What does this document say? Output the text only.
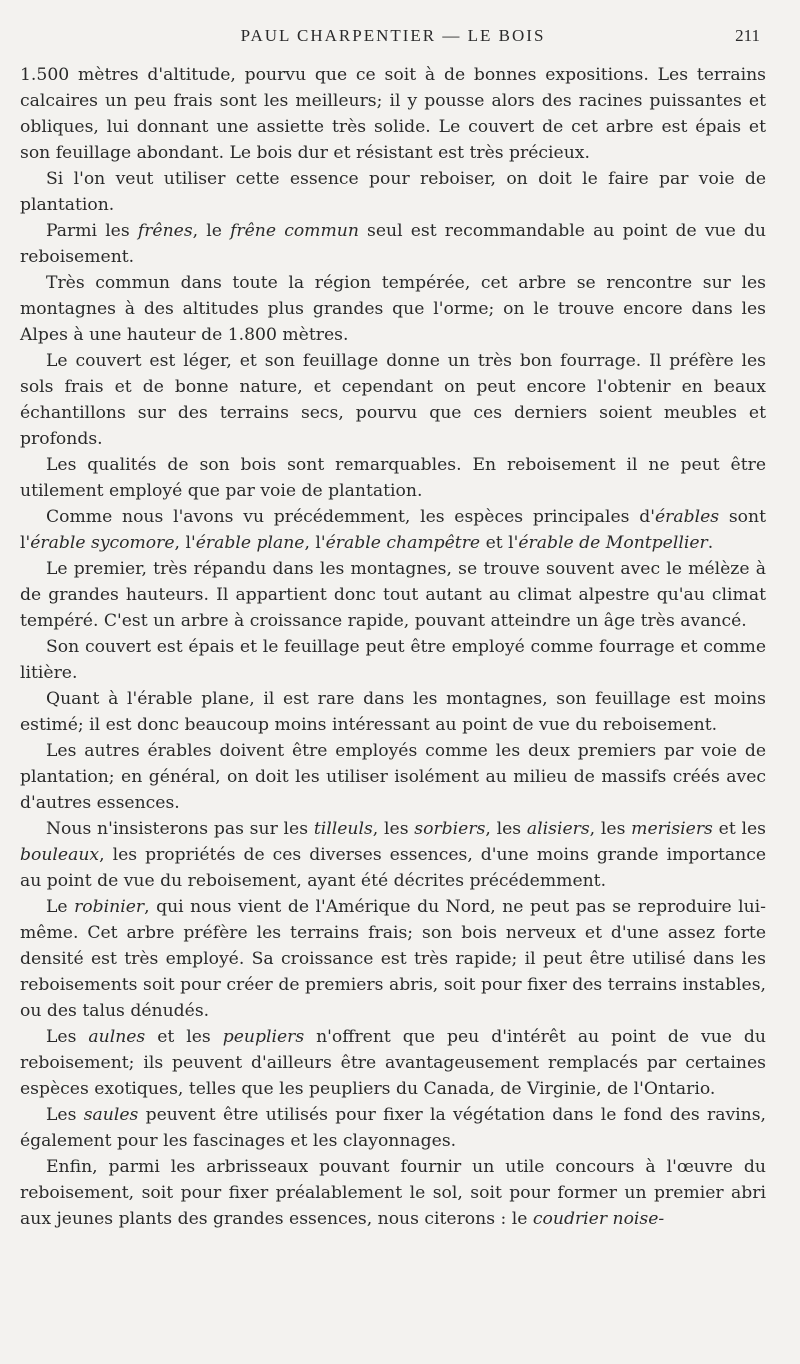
PAUL CHARPENTIER — LE BOIS	211

1.500 mètres d'altitude, pourvu que ce soit à de bonnes expositions. Les terrains calcaires un peu frais sont les meilleurs; il y pousse alors des racines puissantes et obliques, lui donnant une assiette très solide. Le couvert de cet arbre est épais et son feuillage abondant. Le bois dur et résistant est très précieux.

Si l'on veut utiliser cette essence pour reboiser, on doit le faire par voie de plantation.

Parmi les frênes, le frêne commun seul est recommandable au point de vue du reboisement.

Très commun dans toute la région tempérée, cet arbre se rencontre sur les montagnes à des altitudes plus grandes que l'orme; on le trouve encore dans les Alpes à une hauteur de 1.800 mètres.

Le couvert est léger, et son feuillage donne un très bon fourrage. Il préfère les sols frais et de bonne nature, et cependant on peut encore l'obtenir en beaux échantillons sur des terrains secs, pourvu que ces derniers soient meubles et profonds.

Les qualités de son bois sont remarquables. En reboisement il ne peut être utilement employé que par voie de plantation.

Comme nous l'avons vu précédemment, les espèces principales d'érables sont l'érable sycomore, l'érable plane, l'érable champêtre et l'érable de Montpellier.

Le premier, très répandu dans les montagnes, se trouve souvent avec le mélèze à de grandes hauteurs. Il appartient donc tout autant au climat alpestre qu'au climat tempéré. C'est un arbre à croissance rapide, pouvant atteindre un âge très avancé.

Son couvert est épais et le feuillage peut être employé comme fourrage et comme litière.

Quant à l'érable plane, il est rare dans les montagnes, son feuillage est moins estimé; il est donc beaucoup moins intéressant au point de vue du reboisement.

Les autres érables doivent être employés comme les deux premiers par voie de plantation; en général, on doit les utiliser isolément au milieu de massifs créés avec d'autres essences.

Nous n'insisterons pas sur les tilleuls, les sorbiers, les alisiers, les merisiers et les bouleaux, les propriétés de ces diverses essences, d'une moins grande importance au point de vue du reboisement, ayant été décrites précédemment.

Le robinier, qui nous vient de l'Amérique du Nord, ne peut pas se reproduire lui-même. Cet arbre préfère les terrains frais; son bois nerveux et d'une assez forte densité est très employé. Sa croissance est très rapide; il peut être utilisé dans les reboisements soit pour créer de premiers abris, soit pour fixer des terrains instables, ou des talus dénudés.

Les aulnes et les peupliers n'offrent que peu d'intérêt au point de vue du reboisement; ils peuvent d'ailleurs être avantageusement remplacés par certaines espèces exotiques, telles que les peupliers du Canada, de Virginie, de l'Ontario.

Les saules peuvent être utilisés pour fixer la végétation dans le fond des ravins, également pour les fascinages et les clayonnages.

Enfin, parmi les arbrisseaux pouvant fournir un utile concours à l'œuvre du reboisement, soit pour fixer préalablement le sol, soit pour former un premier abri aux jeunes plants des grandes essences, nous citerons : le coudrier noise-
